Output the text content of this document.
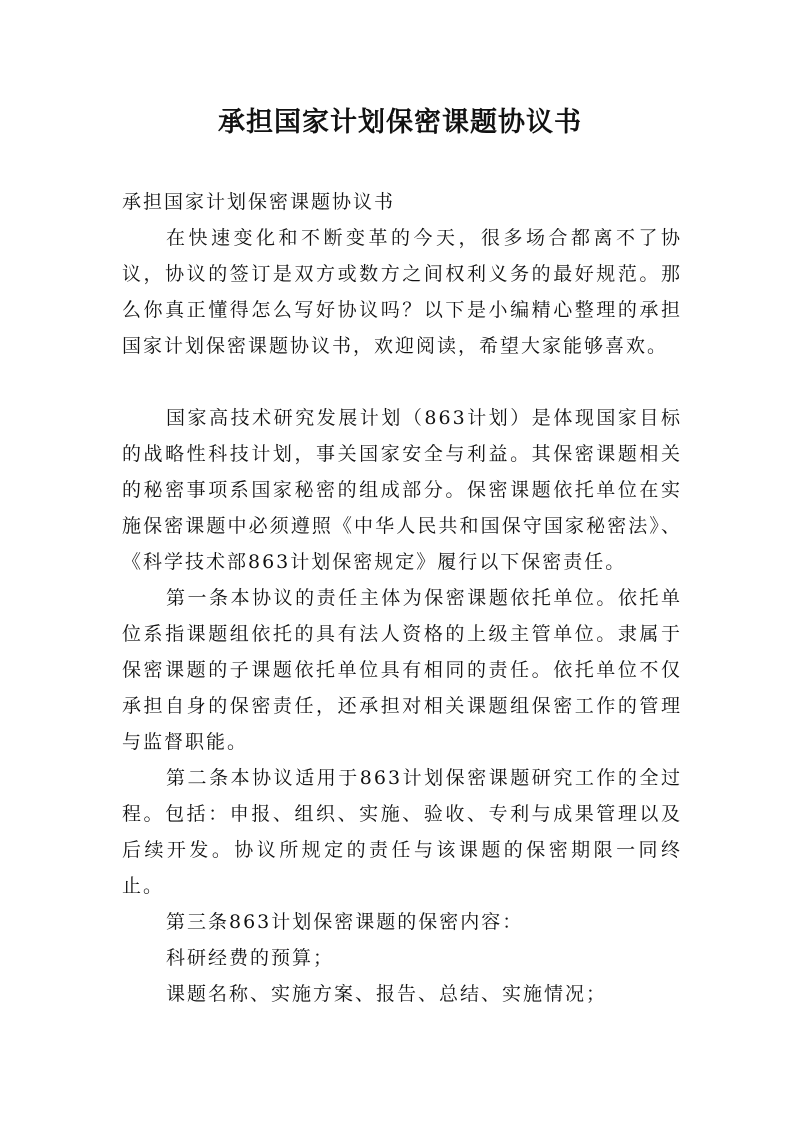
承担国家计划保密课题协议书

承担国家计划保密课题协议书

在快速变化和不断变革的今天，很多场合都离不了协议，协议的签订是双方或数方之间权利义务的最好规范。那么你真正懂得怎么写好协议吗？以下是小编精心整理的承担国家计划保密课题协议书，欢迎阅读，希望大家能够喜欢。

国家高技术研究发展计划（863计划）是体现国家目标的战略性科技计划，事关国家安全与利益。其保密课题相关的秘密事项系国家秘密的组成部分。保密课题依托单位在实施保密课题中必须遵照《中华人民共和国保守国家秘密法》、《科学技术部863计划保密规定》履行以下保密责任。

第一条本协议的责任主体为保密课题依托单位。依托单位系指课题组依托的具有法人资格的上级主管单位。隶属于保密课题的子课题依托单位具有相同的责任。依托单位不仅承担自身的保密责任，还承担对相关课题组保密工作的管理与监督职能。

第二条本协议适用于863计划保密课题研究工作的全过程。包括：申报、组织、实施、验收、专利与成果管理以及后续开发。协议所规定的责任与该课题的保密期限一同终止。

第三条863计划保密课题的保密内容：

科研经费的预算；

课题名称、实施方案、报告、总结、实施情况；
